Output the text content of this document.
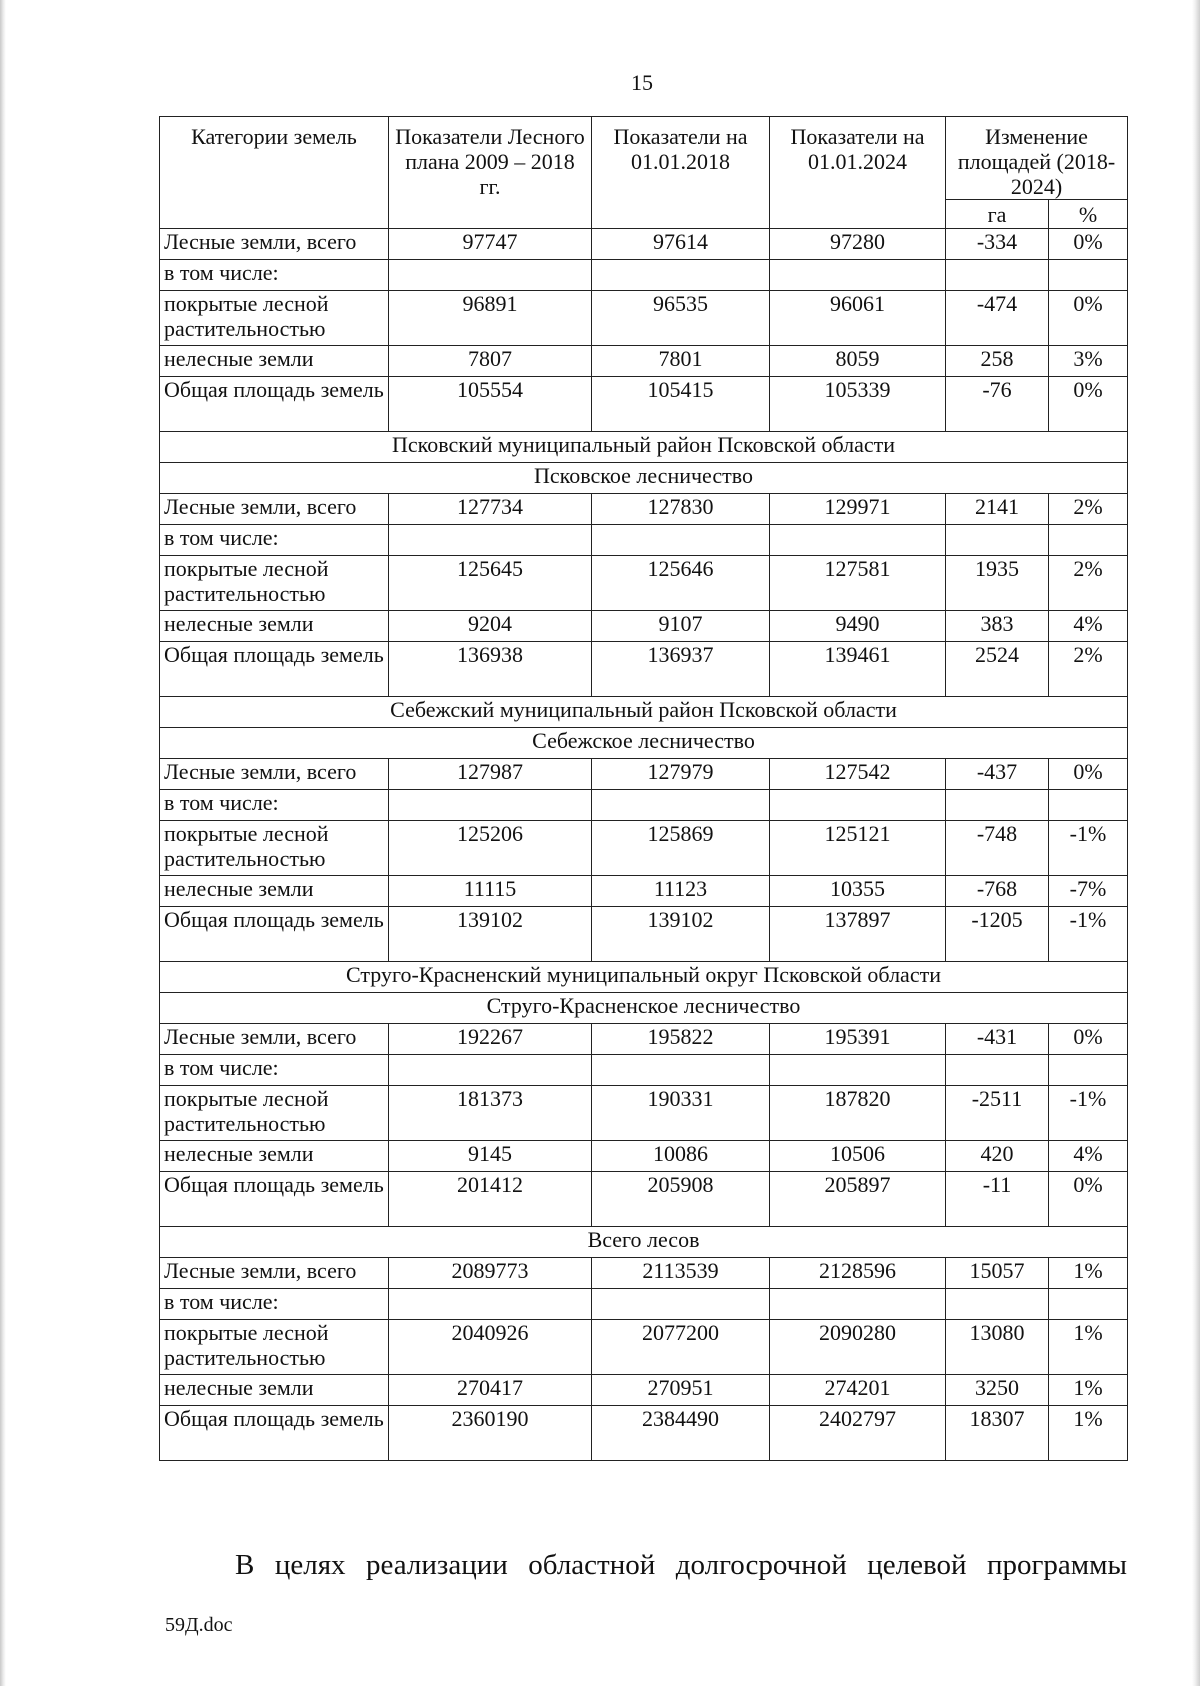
15
Категории земель	Показатели Лесного плана 2009 – 2018 гг.	Показатели на 01.01.2018	Показатели на 01.01.2024	Изменение площадей (2018-2024)	
				га	%
Лесные земли, всего	97747	97614	97280	-334	0%
в том числе:					
покрытые лесной растительностью	96891	96535	96061	-474	0%
нелесные земли	7807	7801	8059	258	3%
Общая площадь земель	105554	105415	105339	-76	0%
Псковский муниципальный район Псковской области					
Псковское лесничество					
Лесные земли, всего	127734	127830	129971	2141	2%
в том числе:					
покрытые лесной растительностью	125645	125646	127581	1935	2%
нелесные земли	9204	9107	9490	383	4%
Общая площадь земель	136938	136937	139461	2524	2%
Себежский муниципальный район Псковской области					
Себежское лесничество					
Лесные земли, всего	127987	127979	127542	-437	0%
в том числе:					
покрытые лесной растительностью	125206	125869	125121	-748	-1%
нелесные земли	11115	11123	10355	-768	-7%
Общая площадь земель	139102	139102	137897	-1205	-1%
Струго-Красненский муниципальный округ Псковской области					
Струго-Красненское лесничество					
Лесные земли, всего	192267	195822	195391	-431	0%
в том числе:					
покрытые лесной растительностью	181373	190331	187820	-2511	-1%
нелесные земли	9145	10086	10506	420	4%
Общая площадь земель	201412	205908	205897	-11	0%
Всего лесов					
Лесные земли, всего	2089773	2113539	2128596	15057	1%
в том числе:					
покрытые лесной растительностью	2040926	2077200	2090280	13080	1%
нелесные земли	270417	270951	274201	3250	1%
Общая площадь земель	2360190	2384490	2402797	18307	1%
В целях реализации областной долгосрочной целевой программы
59Д.doc
